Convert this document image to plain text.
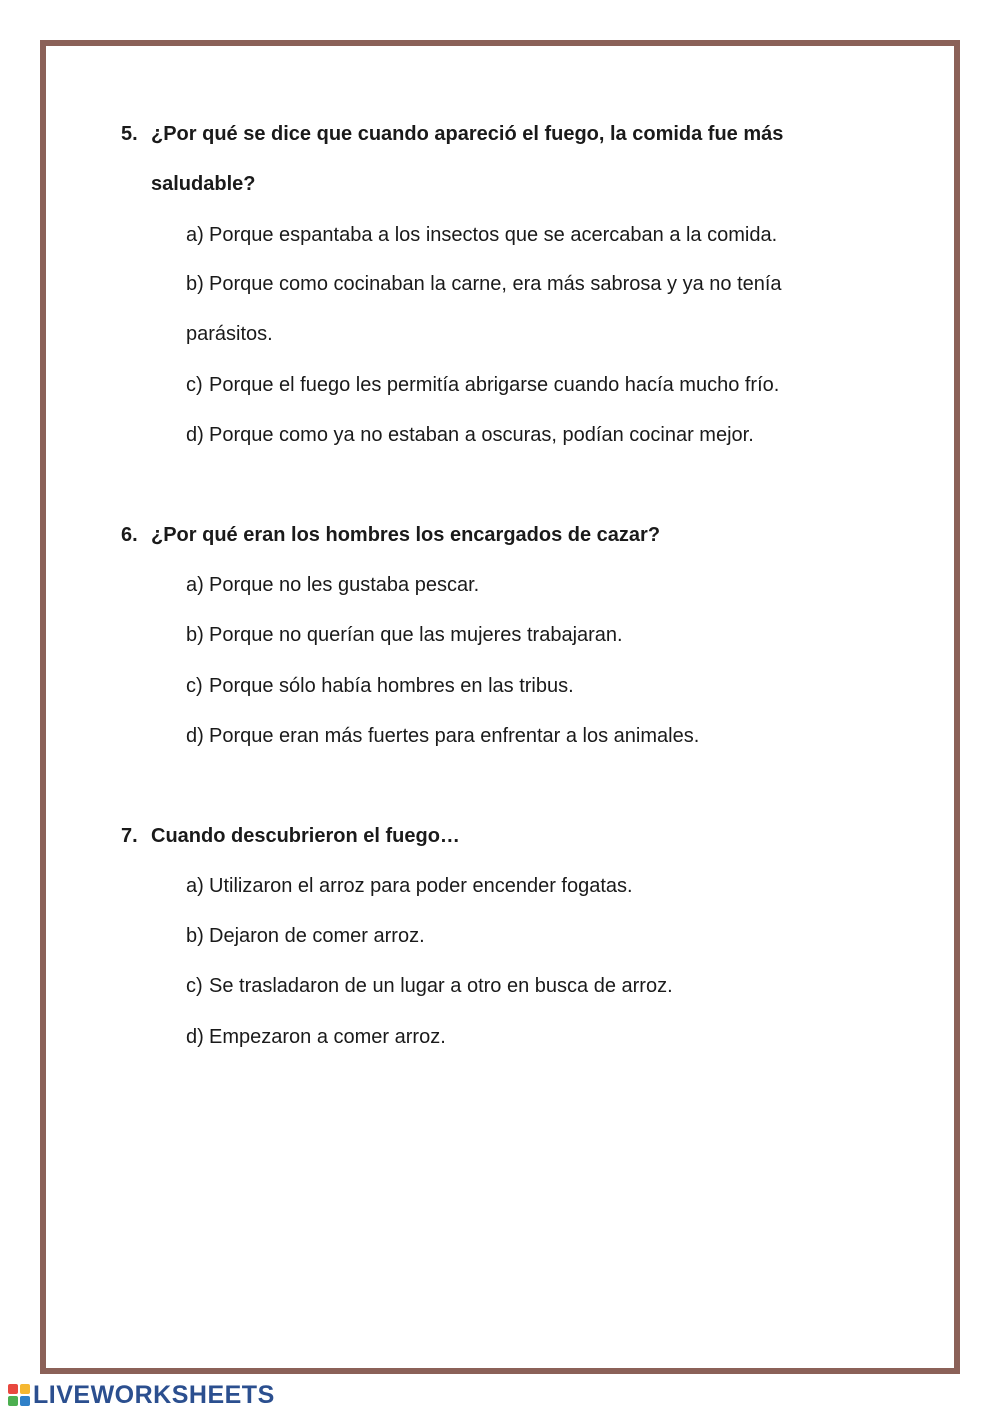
5. ¿Por qué se dice que cuando apareció el fuego, la comida fue más saludable?
a) Porque espantaba a los insectos que se acercaban a la comida.
b) Porque como cocinaban la carne, era más sabrosa y ya no tenía parásitos.
c) Porque el fuego les permitía abrigarse cuando hacía mucho frío.
d) Porque como ya no estaban a oscuras, podían cocinar mejor.
6. ¿Por qué eran los hombres los encargados de cazar?
a) Porque no les gustaba pescar.
b) Porque no querían que las mujeres trabajaran.
c) Porque sólo había hombres en las tribus.
d) Porque eran más fuertes para enfrentar a los animales.
7. Cuando descubrieron el fuego…
a) Utilizaron el arroz para poder encender fogatas.
b) Dejaron de comer arroz.
c) Se trasladaron de un lugar a otro en busca de arroz.
d) Empezaron a comer arroz.
LIVEWORKSHEETS
